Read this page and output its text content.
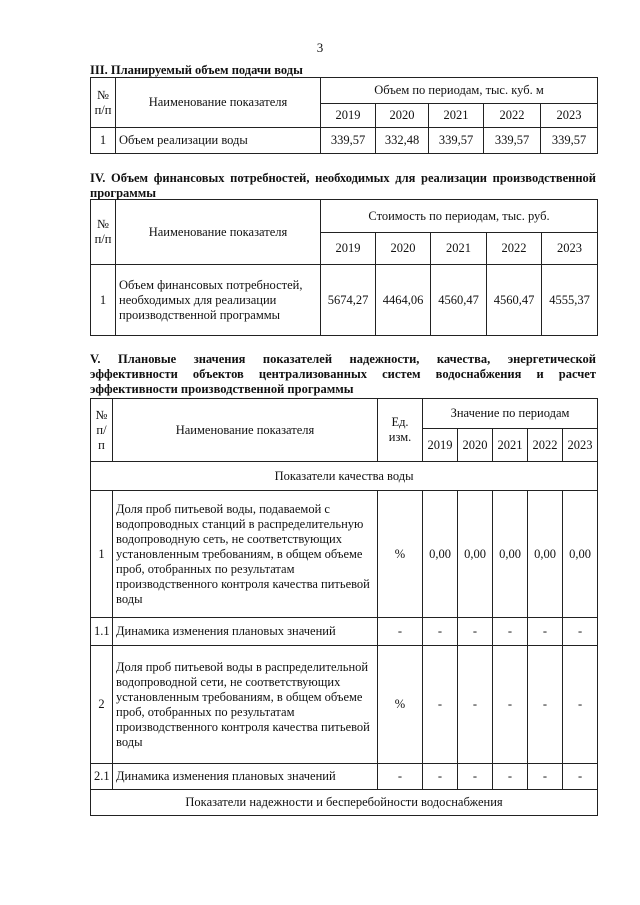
3
III. Планируемый объем подачи воды
№ п/п	Наименование показателя	Объем по периодам, тыс. куб. м				
		2019	2020	2021	2022	2023
1	Объем реализации воды	339,57	332,48	339,57	339,57	339,57
IV. Объем финансовых потребностей, необходимых для реализации производственной программы
№ п/п	Наименование показателя	Стоимость по периодам, тыс. руб.				
		2019	2020	2021	2022	2023
1	Объем финансовых потребностей, необходимых для реализации производственной программы	5674,27	4464,06	4560,47	4560,47	4555,37
V. Плановые значения показателей надежности, качества, энергетической эффективности объектов централизованных систем водоснабжения и расчет эффективности производственной программы
№ п/п	Наименование показателя	Ед. изм.	Значение по периодам				
			2019	2020	2021	2022	2023
Показатели качества воды							
1	Доля проб питьевой воды, подаваемой с водопроводных станций в распределительную водопроводную сеть, не соответствующих установленным требованиям, в общем объеме проб, отобранных по результатам производственного контроля качества питьевой воды	%	0,00	0,00	0,00	0,00	0,00
1.1	Динамика изменения плановых значений	-	-	-	-	-	-
2	Доля проб питьевой воды в распределительной водопроводной сети, не соответствующих установленным требованиям, в общем объеме проб, отобранных по результатам производственного контроля качества питьевой воды	%	-	-	-	-	-
2.1	Динамика изменения плановых значений	-	-	-	-	-	-
Показатели надежности и бесперебойности водоснабжения							
